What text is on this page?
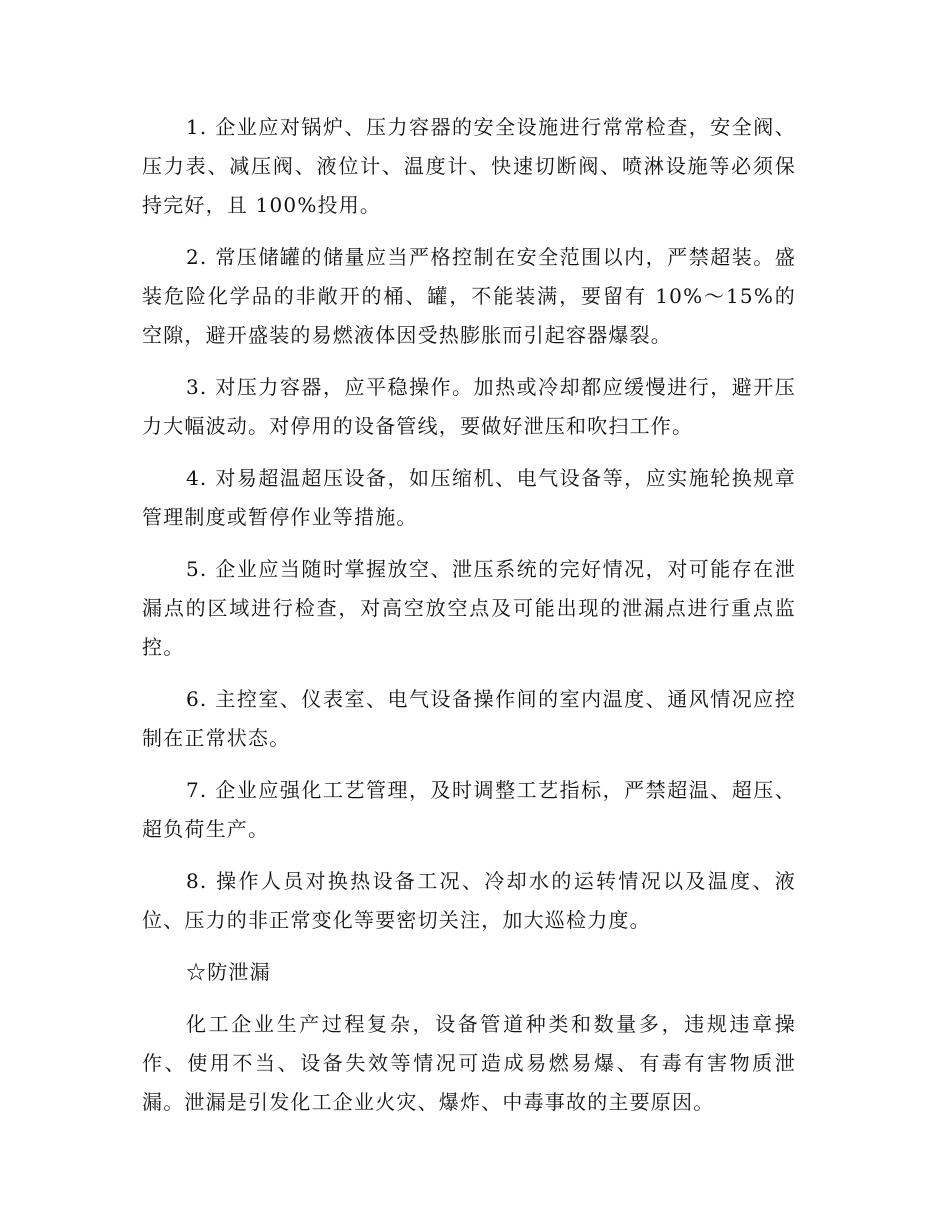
1. 企业应对锅炉、压力容器的安全设施进行常常检查，安全阀、压力表、减压阀、液位计、温度计、快速切断阀、喷淋设施等必须保持完好，且 100%投用。

2. 常压储罐的储量应当严格控制在安全范围以内，严禁超装。盛装危险化学品的非敞开的桶、罐，不能装满，要留有 10%～15%的空隙，避开盛装的易燃液体因受热膨胀而引起容器爆裂。

3. 对压力容器，应平稳操作。加热或冷却都应缓慢进行，避开压力大幅波动。对停用的设备管线，要做好泄压和吹扫工作。

4. 对易超温超压设备，如压缩机、电气设备等，应实施轮换规章管理制度或暂停作业等措施。

5. 企业应当随时掌握放空、泄压系统的完好情况，对可能存在泄漏点的区域进行检查，对高空放空点及可能出现的泄漏点进行重点监控。

6. 主控室、仪表室、电气设备操作间的室内温度、通风情况应控制在正常状态。

7. 企业应强化工艺管理，及时调整工艺指标，严禁超温、超压、超负荷生产。

8. 操作人员对换热设备工况、冷却水的运转情况以及温度、液位、压力的非正常变化等要密切关注，加大巡检力度。

☆防泄漏

化工企业生产过程复杂，设备管道种类和数量多，违规违章操作、使用不当、设备失效等情况可造成易燃易爆、有毒有害物质泄漏。泄漏是引发化工企业火灾、爆炸、中毒事故的主要原因。
